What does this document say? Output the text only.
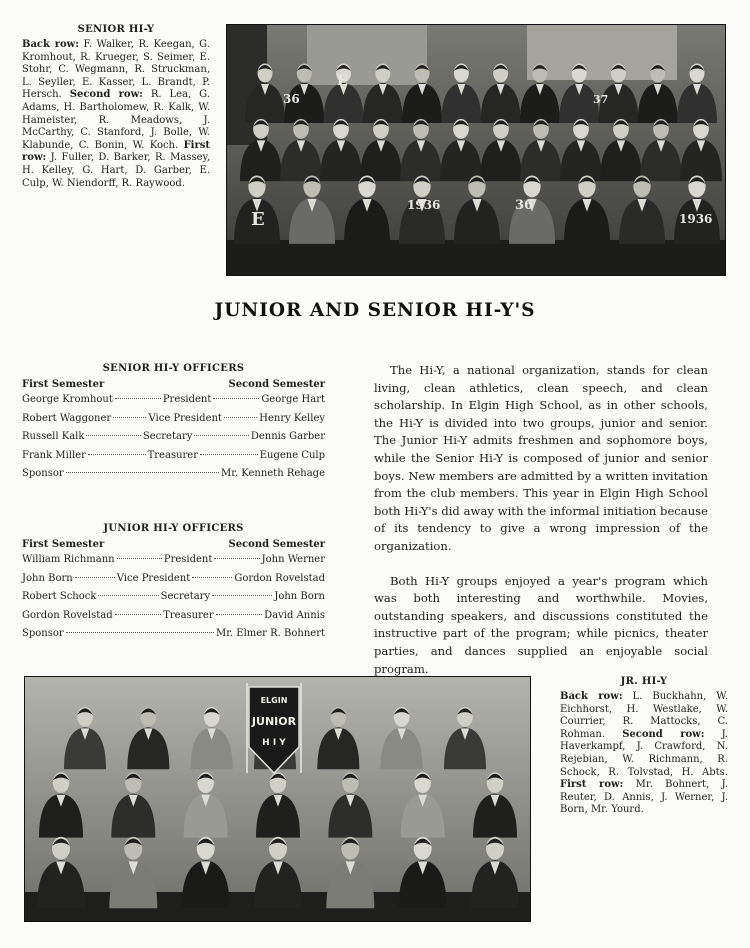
SENIOR HI-Y
Back row: F. Walker, R. Keegan, G. Kromhout, R. Krueger, S. Seimer, E. Stohr, C. Wegmann, R. Struckman, L. Seyller, E. Kasser, L. Brandt, P. Hersch. Second row: R. Lea, G. Adams, H. Bartholomew, R. Kalk, W. Hameister, R. Meadows, J. McCarthy, C. Stanford, J. Bolle, W. Klabunde, C. Bonin, W. Koch. First row: J. Fuller, D. Barker, R. Massey, H. Kelley, G. Hart, D. Garber, E. Culp, W. Niendorff, R. Raywood.
36
E
37
E
1936	36
1936
JUNIOR AND SENIOR HI-Y'S
SENIOR HI-Y OFFICERS
First Semester	Second Semester
George Kromhout	President	George Hart
Robert Waggoner	Vice President	Henry Kelley
Russell Kalk	Secretary	Dennis Garber
Frank Miller	Treasurer	Eugene Culp
Sponsor	Mr. Kenneth Rehage
JUNIOR HI-Y OFFICERS
First Semester	Second Semester
William Richmann	President	John Werner
John Born	Vice President	Gordon Rovelstad
Robert Schock	Secretary	John Born
Gordon Rovelstad	Treasurer	David Annis
Sponsor	Mr. Elmer R. Bohnert

The Hi-Y, a national organization, stands for clean living, clean athletics, clean speech, and clean scholarship. In Elgin High School, as in other schools, the Hi-Y is divided into two groups, junior and senior. The Junior Hi-Y admits freshmen and sophomore boys, while the Senior Hi-Y is composed of junior and senior boys. New members are admitted by a written invitation from the club members. This year in Elgin High School both Hi-Y's did away with the informal initiation because of its tendency to give a wrong impression of the organization.

Both Hi-Y groups enjoyed a year's program which was both interesting and worthwhile. Movies, outstanding speakers, and discussions constituted the instructive part of the program; while picnics, theater parties, and dances supplied an enjoyable social program.

ELGIN
JUNIOR
H I Y
JR. HI-Y
Back row: L. Buckhahn, W. Eichhorst, H. Westlake, W. Courrier, R. Mattocks, C. Rohman. Second row: J. Haverkampf, J. Crawford, N. Rejebian, W. Richmann, R. Schock, R. Tolvstad, H. Abts. First row: Mr. Bohnert, J. Reuter, D. Annis, J. Werner, J. Born, Mr. Yourd.
